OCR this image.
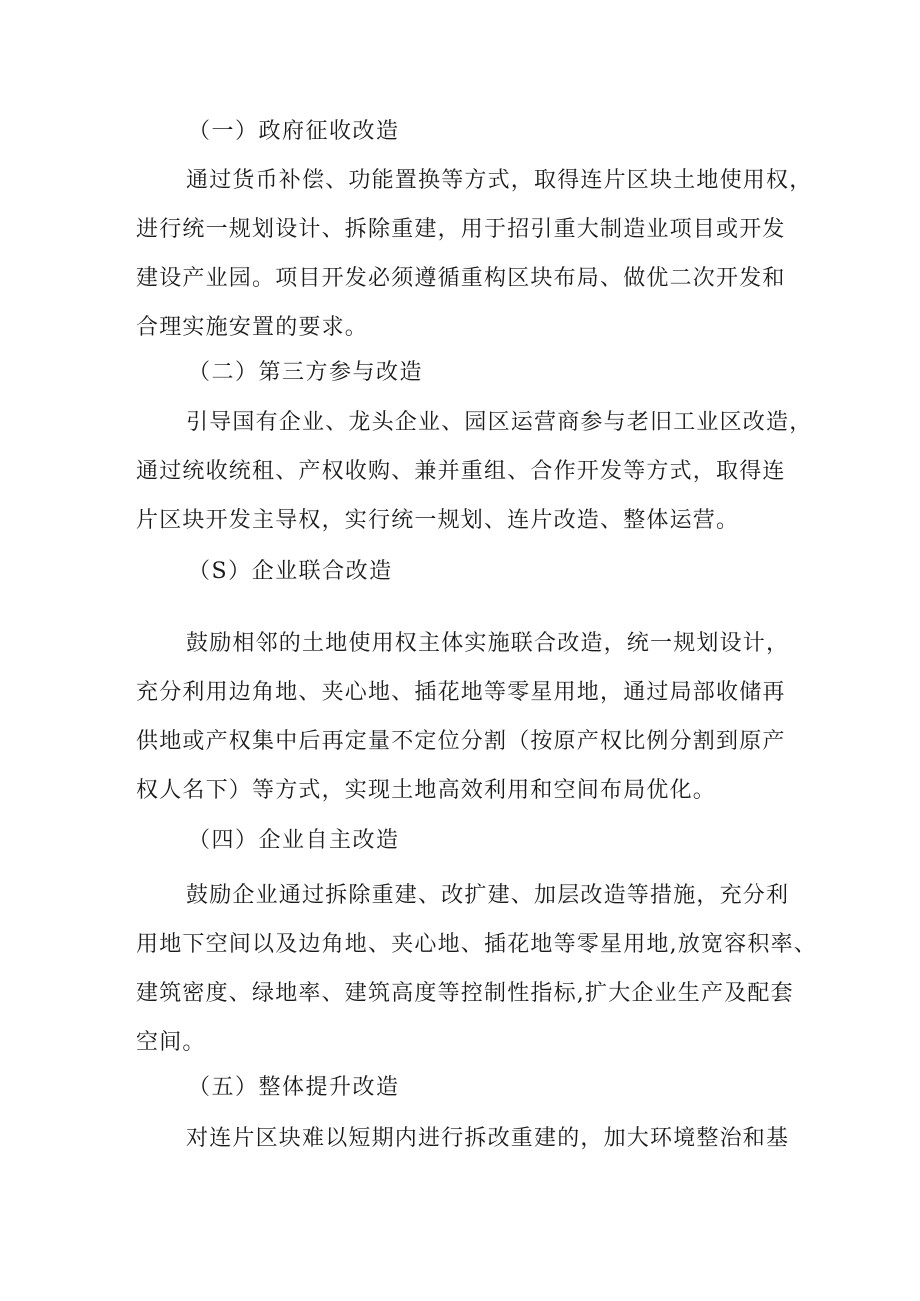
（一）政府征收改造
通过货币补偿、功能置换等方式，取得连片区块土地使用权，
进行统一规划设计、拆除重建，用于招引重大制造业项目或开发
建设产业园。项目开发必须遵循重构区块布局、做优二次开发和
合理实施安置的要求。
（二）第三方参与改造
引导国有企业、龙头企业、园区运营商参与老旧工业区改造，
通过统收统租、产权收购、兼并重组、合作开发等方式，取得连
片区块开发主导权，实行统一规划、连片改造、整体运营。
（S）企业联合改造
鼓励相邻的土地使用权主体实施联合改造，统一规划设计，
充分利用边角地、夹心地、插花地等零星用地，通过局部收储再
供地或产权集中后再定量不定位分割（按原产权比例分割到原产
权人名下）等方式，实现土地高效利用和空间布局优化。
（四）企业自主改造
鼓励企业通过拆除重建、改扩建、加层改造等措施，充分利
用地下空间以及边角地、夹心地、插花地等零星用地,放宽容积率、
建筑密度、绿地率、建筑高度等控制性指标,扩大企业生产及配套
空间。
（五）整体提升改造
对连片区块难以短期内进行拆改重建的，加大环境整治和基
